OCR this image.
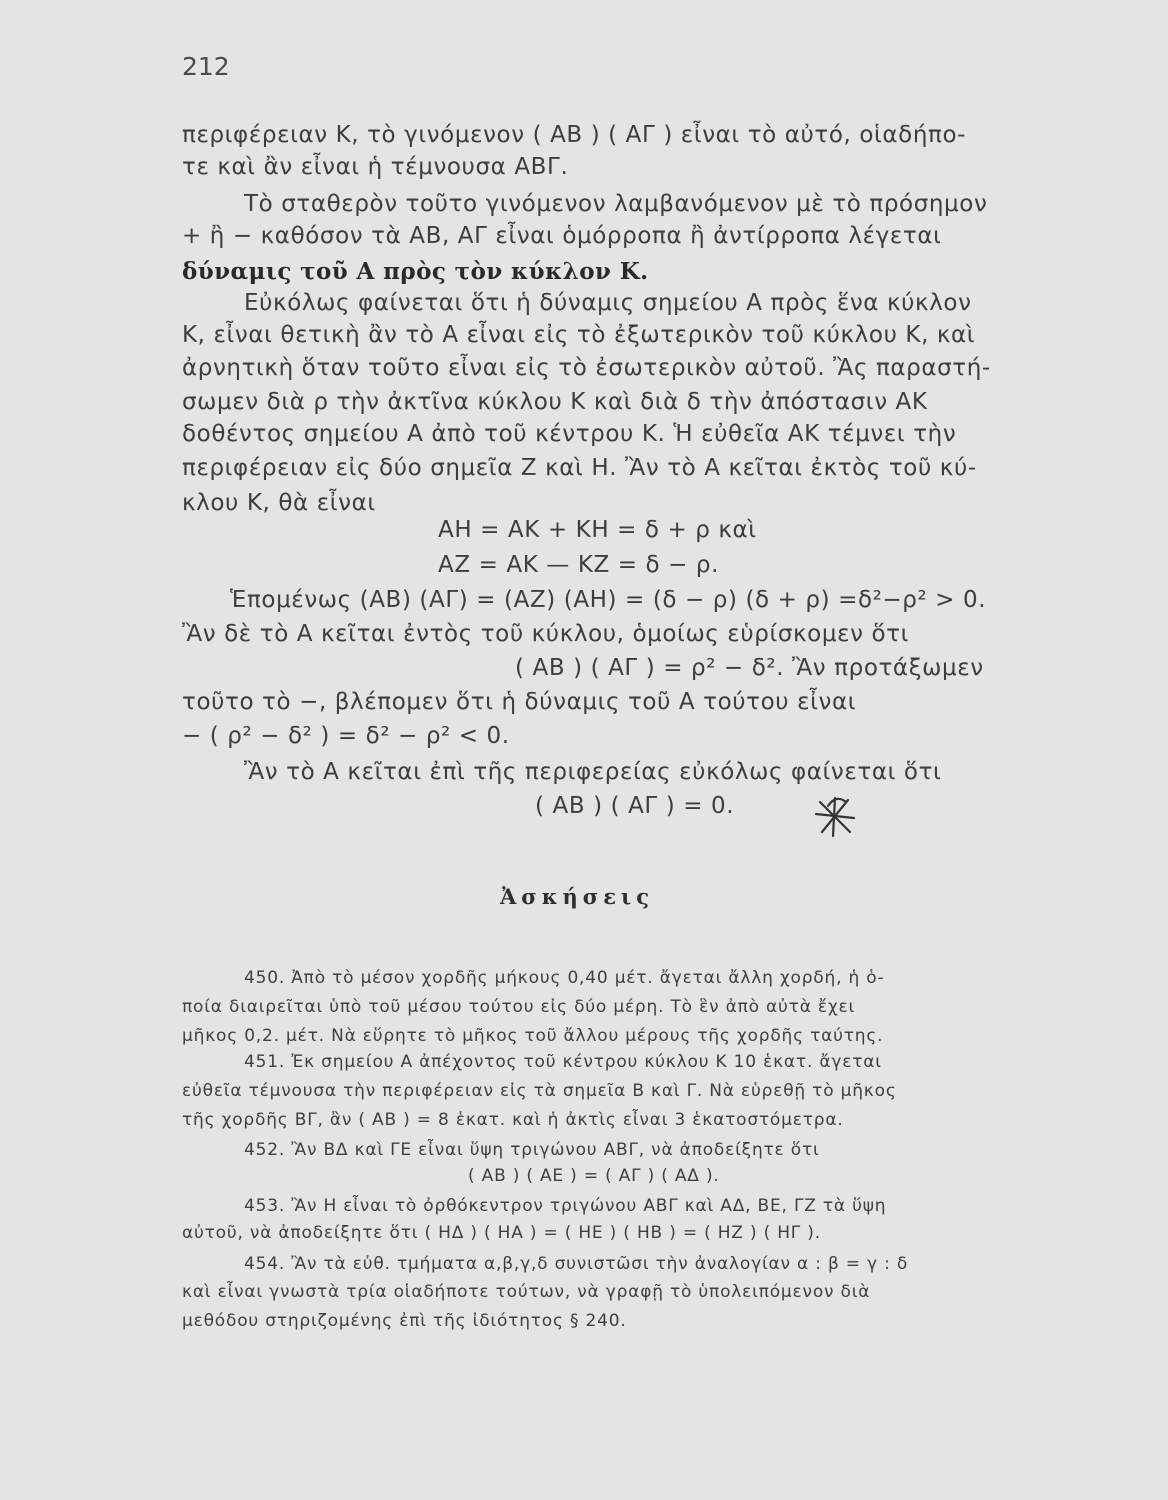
212
περιφέρειαν Κ, τὸ γινόμενον ( ΑΒ ) ( ΑΓ ) εἶναι τὸ αὐτό, οἱαδήπο-
τε καὶ ἂν εἶναι ἡ τέμνουσα ΑΒΓ.
Τὸ σταθερὸν τοῦτο γινόμενον λαμβανόμενον μὲ τὸ πρόσημον
+ ἢ − καθόσον τὰ ΑΒ, ΑΓ εἶναι ὁμόρροπα ἢ ἀντίρροπα λέγεται
δύναμις τοῦ Α πρὸς τὸν κύκλον Κ.
Εὐκόλως φαίνεται ὅτι ἡ δύναμις σημείου Α πρὸς ἕνα κύκλον
Κ, εἶναι θετικὴ ἂν τὸ Α εἶναι εἰς τὸ ἐξωτερικὸν τοῦ κύκλου Κ, καὶ
ἀρνητικὴ ὅταν τοῦτο εἶναι εἰς τὸ ἐσωτερικὸν αὐτοῦ. Ἂς παραστή-
σωμεν διὰ ρ τὴν ἀκτῖνα κύκλου Κ καὶ διὰ δ τὴν ἀπόστασιν ΑΚ
δοθέντος σημείου Α ἀπὸ τοῦ κέντρου Κ. Ἡ εὐθεῖα ΑΚ τέμνει τὴν
περιφέρειαν εἰς δύο σημεῖα Ζ καὶ Η. Ἂν τὸ Α κεῖται ἐκτὸς τοῦ κύ-
κλου Κ, θὰ εἶναι
ΑΗ = ΑΚ + ΚΗ = δ + ρ καὶ
ΑΖ = ΑΚ — ΚΖ = δ − ρ.
Ἑπομένως (ΑΒ) (ΑΓ) = (ΑΖ) (ΑΗ) = (δ − ρ) (δ + ρ) =δ²−ρ² > 0.
Ἂν δὲ τὸ Α κεῖται ἐντὸς τοῦ κύκλου, ὁμοίως εὑρίσκομεν ὅτι
( ΑΒ ) ( ΑΓ ) = ρ² − δ². Ἂν προτάξωμεν
τοῦτο τὸ −, βλέπομεν ὅτι ἡ δύναμις τοῦ Α τούτου εἶναι
− ( ρ² − δ² ) = δ² − ρ² < 0.
Ἂν τὸ Α κεῖται ἐπὶ τῆς περιφερείας εὐκόλως φαίνεται ὅτι
( ΑΒ ) ( ΑΓ ) = 0.
Ἀσκήσεις
450. Ἀπὸ τὸ μέσον χορδῆς μήκους 0,40 μέτ. ἄγεται ἄλλη χορδή, ἡ ὁ-
ποία διαιρεῖται ὑπὸ τοῦ μέσου τούτου εἰς δύο μέρη. Τὸ ἓν ἀπὸ αὐτὰ ἔχει
μῆκος 0,2. μέτ. Νὰ εὕρητε τὸ μῆκος τοῦ ἄλλου μέρους τῆς χορδῆς ταύτης.
451. Ἐκ σημείου Α ἀπέχοντος τοῦ κέντρου κύκλου Κ 10 ἑκατ. ἄγεται
εὐθεῖα τέμνουσα τὴν περιφέρειαν εἰς τὰ σημεῖα Β καὶ Γ. Νὰ εὑρεθῇ τὸ μῆκος
τῆς χορδῆς ΒΓ, ἂν ( ΑΒ ) = 8 ἑκατ. καὶ ἡ ἀκτὶς εἶναι 3 ἑκατοστόμετρα.
452. Ἂν ΒΔ καὶ ΓΕ εἶναι ὕψη τριγώνου ΑΒΓ, νὰ ἀποδείξητε ὅτι
( ΑΒ ) ( ΑΕ ) = ( ΑΓ ) ( ΑΔ ).
453. Ἂν Η εἶναι τὸ ὀρθόκεντρον τριγώνου ΑΒΓ καὶ ΑΔ, ΒΕ, ΓΖ τὰ ὕψη
αὐτοῦ, νὰ ἀποδείξητε ὅτι ( ΗΔ ) ( ΗΑ ) = ( ΗΕ ) ( ΗΒ ) = ( ΗΖ ) ( ΗΓ ).
454. Ἂν τὰ εὐθ. τμήματα α,β,γ,δ συνιστῶσι τὴν ἀναλογίαν α : β = γ : δ
καὶ εἶναι γνωστὰ τρία οἱαδήποτε τούτων, νὰ γραφῇ τὸ ὑπολειπόμενον διὰ
μεθόδου στηριζομένης ἐπὶ τῆς ἰδιότητος § 240.
